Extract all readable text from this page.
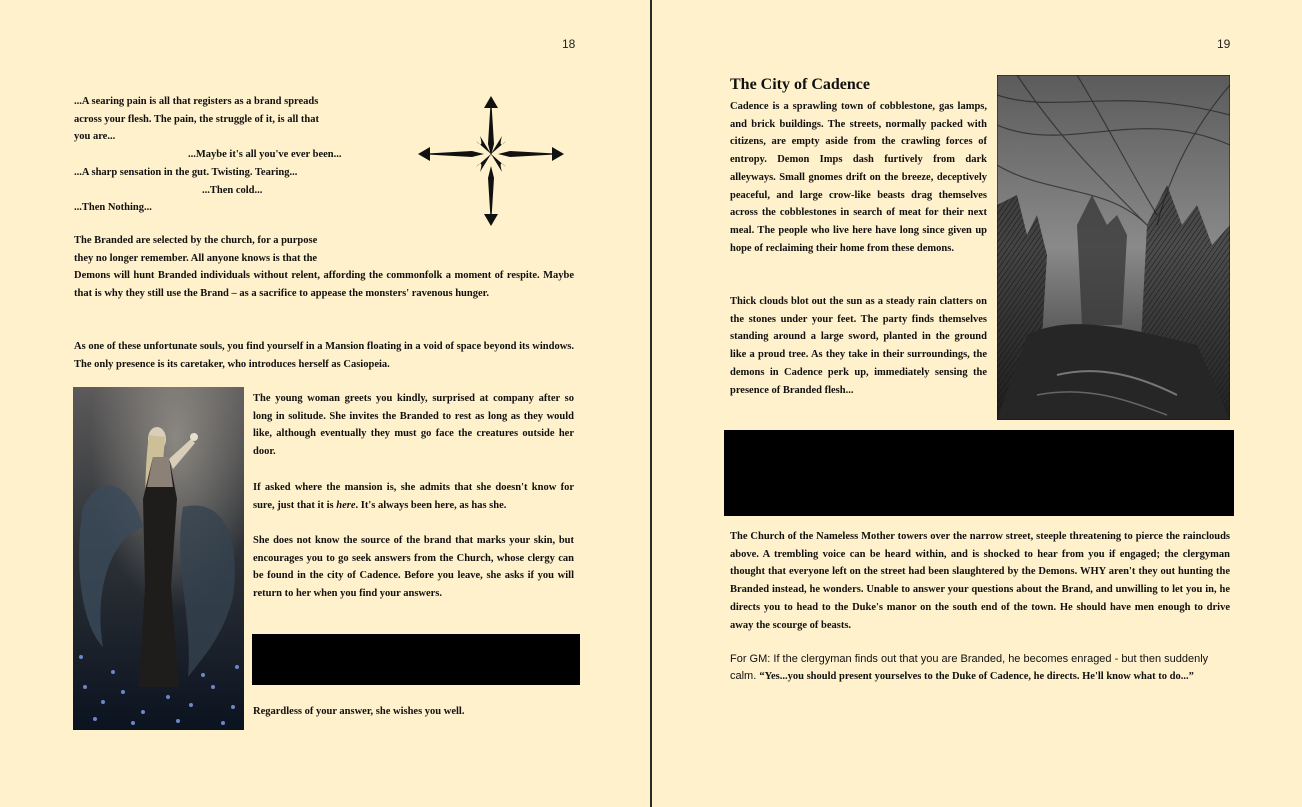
18
...A searing pain is all that registers as a brand spreads
across your flesh. The pain, the struggle of it, is all that
you are...
...Maybe it's all you've ever been...
...A sharp sensation in the gut. Twisting. Tearing...
...Then cold...
...Then Nothing...
The Branded are selected by the church, for a purpose
they no longer remember. All anyone knows is that the
Demons will hunt Branded individuals without relent, affording the commonfolk a moment of respite. Maybe that is why they still use the Brand – as a sacrifice to appease the monsters' ravenous hunger.
As one of these unfortunate souls, you find yourself in a Mansion floating in a void of space beyond its windows. The only presence is its caretaker, who introduces herself as Casiopeia.
The young woman greets you kindly, surprised at company after so long in solitude. She invites the Branded to rest as long as they would like, although eventually they must go face the creatures outside her door.
If asked where the mansion is, she admits that she doesn't know for sure, just that it is here. It's always been here, as has she.
She does not know the source of the brand that marks your skin, but encourages you to go seek answers from the Church, whose clergy can be found in the city of Cadence. Before you leave, she asks if you will return to her when you find your answers.
Regardless of your answer, she wishes you well.
19
The City of Cadence
Cadence is a sprawling town of cobblestone, gas lamps, and brick buildings. The streets, normally packed with citizens, are empty aside from the crawling forces of entropy. Demon Imps dash furtively from dark alleyways. Small gnomes drift on the breeze, deceptively peaceful, and large crow-like beasts drag themselves across the cobblestones in search of meat for their next meal. The people who live here have long since given up hope of reclaiming their home from these demons.
Thick clouds blot out the sun as a steady rain clatters on the stones under your feet. The party finds themselves standing around a large sword, planted in the ground like a proud tree. As they take in their surroundings, the demons in Cadence perk up, immediately sensing the presence of Branded flesh...
The Church of the Nameless Mother towers over the narrow street, steeple threatening to pierce the rainclouds above. A trembling voice can be heard within, and is shocked to hear from you if engaged; the clergyman thought that everyone left on the street had been slaughtered by the Demons. WHY aren't they out hunting the Branded instead, he wonders. Unable to answer your questions about the Brand, and unwilling to let you in, he directs you to head to the Duke's manor on the south end of the town. He should have men enough to drive away the scourge of beasts.
For GM: If the clergyman finds out that you are Branded, he becomes enraged - but then suddenly calm. “Yes...you should present yourselves to the Duke of Cadence, he directs. He'll know what to do...”
